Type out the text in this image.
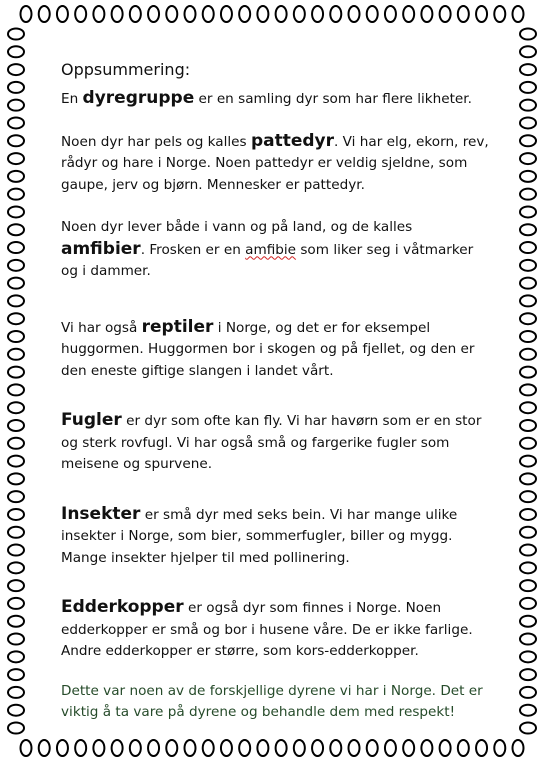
Oppsummering:

En dyregruppe er en samling dyr som har flere likheter.

Noen dyr har pels og kalles pattedyr. Vi har elg, ekorn, rev, rådyr og hare i Norge. Noen pattedyr er veldig sjeldne, som gaupe, jerv og bjørn. Mennesker er pattedyr.

Noen dyr lever både i vann og på land, og de kalles amfibier. Frosken er en amfibie som liker seg i våtmarker og i dammer.

Vi har også reptiler i Norge, og det er for eksempel huggormen. Huggormen bor i skogen og på fjellet, og den er den eneste giftige slangen i landet vårt.

Fugler er dyr som ofte kan fly. Vi har havørn som er en stor og sterk rovfugl. Vi har også små og fargerike fugler som meisene og spurvene.

Insekter er små dyr med seks bein. Vi har mange ulike insekter i Norge, som bier, sommerfugler, biller og mygg. Mange insekter hjelper til med pollinering.

Edderkopper er også dyr som finnes i Norge. Noen edderkopper er små og bor i husene våre. De er ikke farlige. Andre edderkopper er større, som kors-edderkopper.

Dette var noen av de forskjellige dyrene vi har i Norge. Det er viktig å ta vare på dyrene og behandle dem med respekt!
